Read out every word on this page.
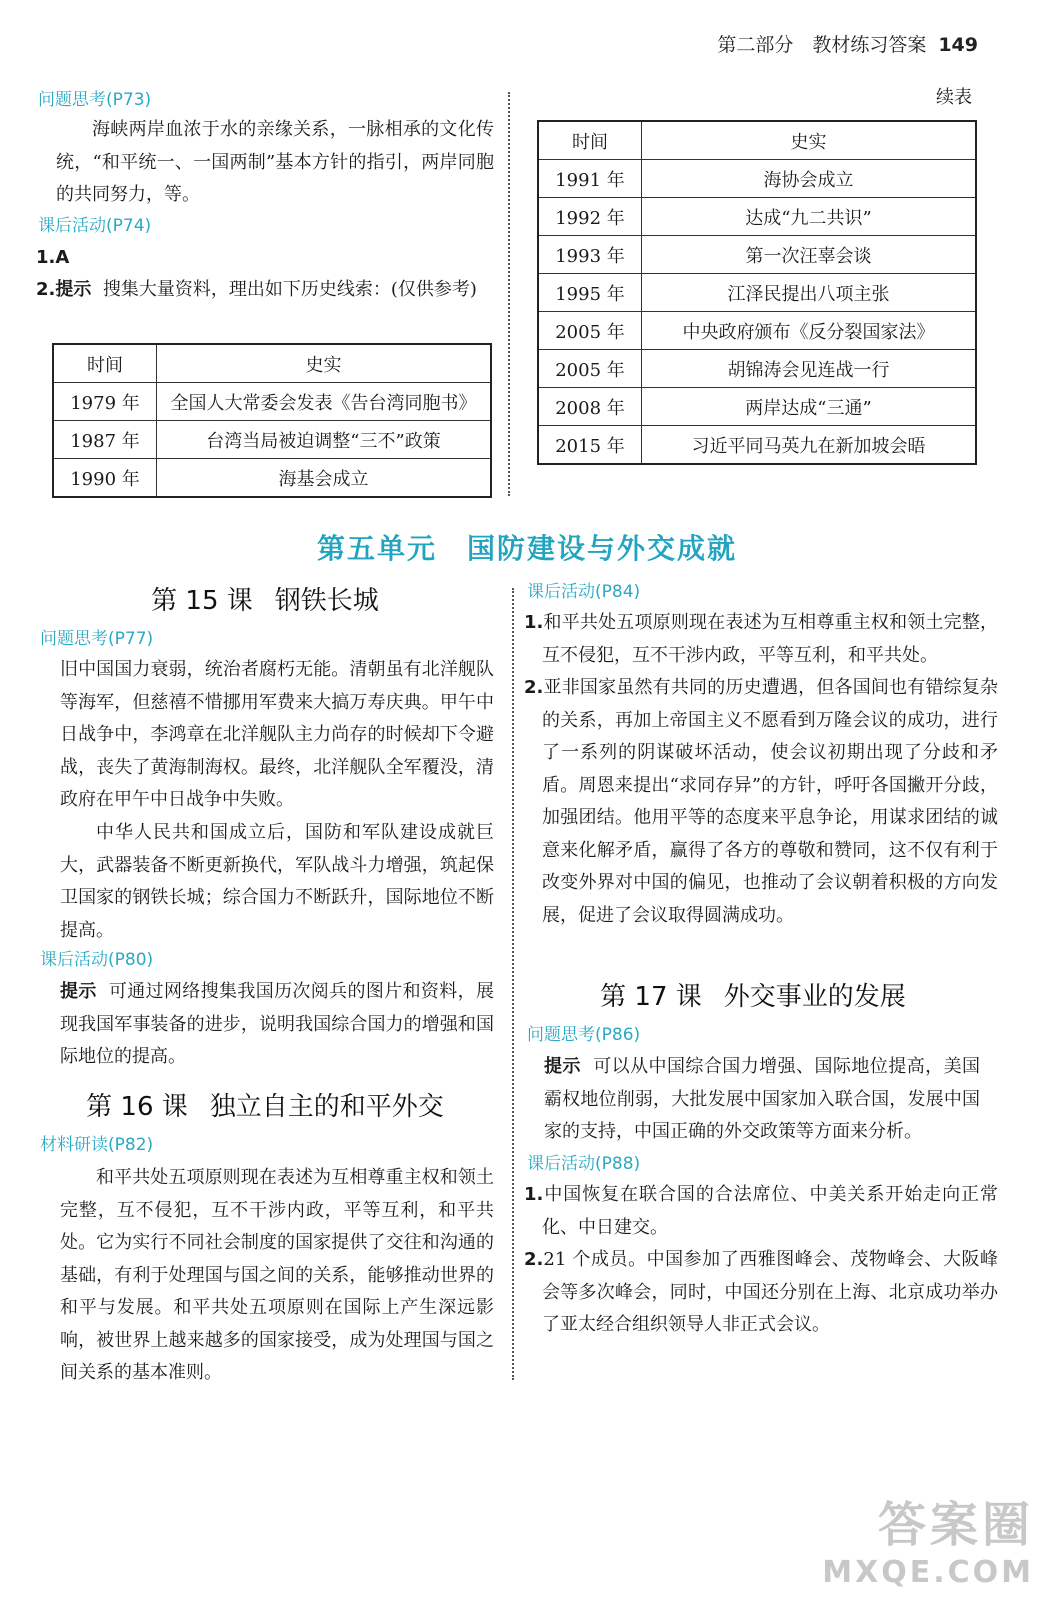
第二部分　教材练习答案 149
问题思考(P73)
海峡两岸血浓于水的亲缘关系，一脉相承的文化传统，“和平统一、一国两制”基本方针的指引，两岸同胞的共同努力，等。
课后活动(P74)
1.A
2.提示 搜集大量资料，理出如下历史线索：(仅供参考)
时间	史实
1979 年	全国人大常委会发表《告台湾同胞书》
1987 年	台湾当局被迫调整“三不”政策
1990 年	海基会成立
续表
时间	史实
1991 年	海协会成立
1992 年	达成“九二共识”
1993 年	第一次汪辜会谈
1995 年	江泽民提出八项主张
2005 年	中央政府颁布《反分裂国家法》
2005 年	胡锦涛会见连战一行
2008 年	两岸达成“三通”
2015 年	习近平同马英九在新加坡会晤
第五单元 国防建设与外交成就
第 15 课 钢铁长城
问题思考(P77)
旧中国国力衰弱，统治者腐朽无能。清朝虽有北洋舰队等海军，但慈禧不惜挪用军费来大搞万寿庆典。甲午中日战争中，李鸿章在北洋舰队主力尚存的时候却下令避战，丧失了黄海制海权。最终，北洋舰队全军覆没，清政府在甲午中日战争中失败。
中华人民共和国成立后，国防和军队建设成就巨大，武器装备不断更新换代，军队战斗力增强，筑起保卫国家的钢铁长城；综合国力不断跃升，国际地位不断提高。
课后活动(P80)
提示 可通过网络搜集我国历次阅兵的图片和资料，展现我国军事装备的进步，说明我国综合国力的增强和国际地位的提高。
第 16 课 独立自主的和平外交
材料研读(P82)
和平共处五项原则现在表述为互相尊重主权和领土完整，互不侵犯，互不干涉内政，平等互利，和平共处。它为实行不同社会制度的国家提供了交往和沟通的基础，有利于处理国与国之间的关系，能够推动世界的和平与发展。和平共处五项原则在国际上产生深远影响，被世界上越来越多的国家接受，成为处理国与国之间关系的基本准则。
课后活动(P84)
1.和平共处五项原则现在表述为互相尊重主权和领土完整，互不侵犯，互不干涉内政，平等互利，和平共处。
2.亚非国家虽然有共同的历史遭遇，但各国间也有错综复杂的关系，再加上帝国主义不愿看到万隆会议的成功，进行了一系列的阴谋破坏活动，使会议初期出现了分歧和矛盾。周恩来提出“求同存异”的方针，呼吁各国撇开分歧，加强团结。他用平等的态度来平息争论，用谋求团结的诚意来化解矛盾，赢得了各方的尊敬和赞同，这不仅有利于改变外界对中国的偏见，也推动了会议朝着积极的方向发展，促进了会议取得圆满成功。
第 17 课 外交事业的发展
问题思考(P86)
提示 可以从中国综合国力增强、国际地位提高，美国霸权地位削弱，大批发展中国家加入联合国，发展中国家的支持，中国正确的外交政策等方面来分析。
课后活动(P88)
1.中国恢复在联合国的合法席位、中美关系开始走向正常化、中日建交。
2.21 个成员。中国参加了西雅图峰会、茂物峰会、大阪峰会等多次峰会，同时，中国还分别在上海、北京成功举办了亚太经合组织领导人非正式会议。
答案圈
MXQE.COM
